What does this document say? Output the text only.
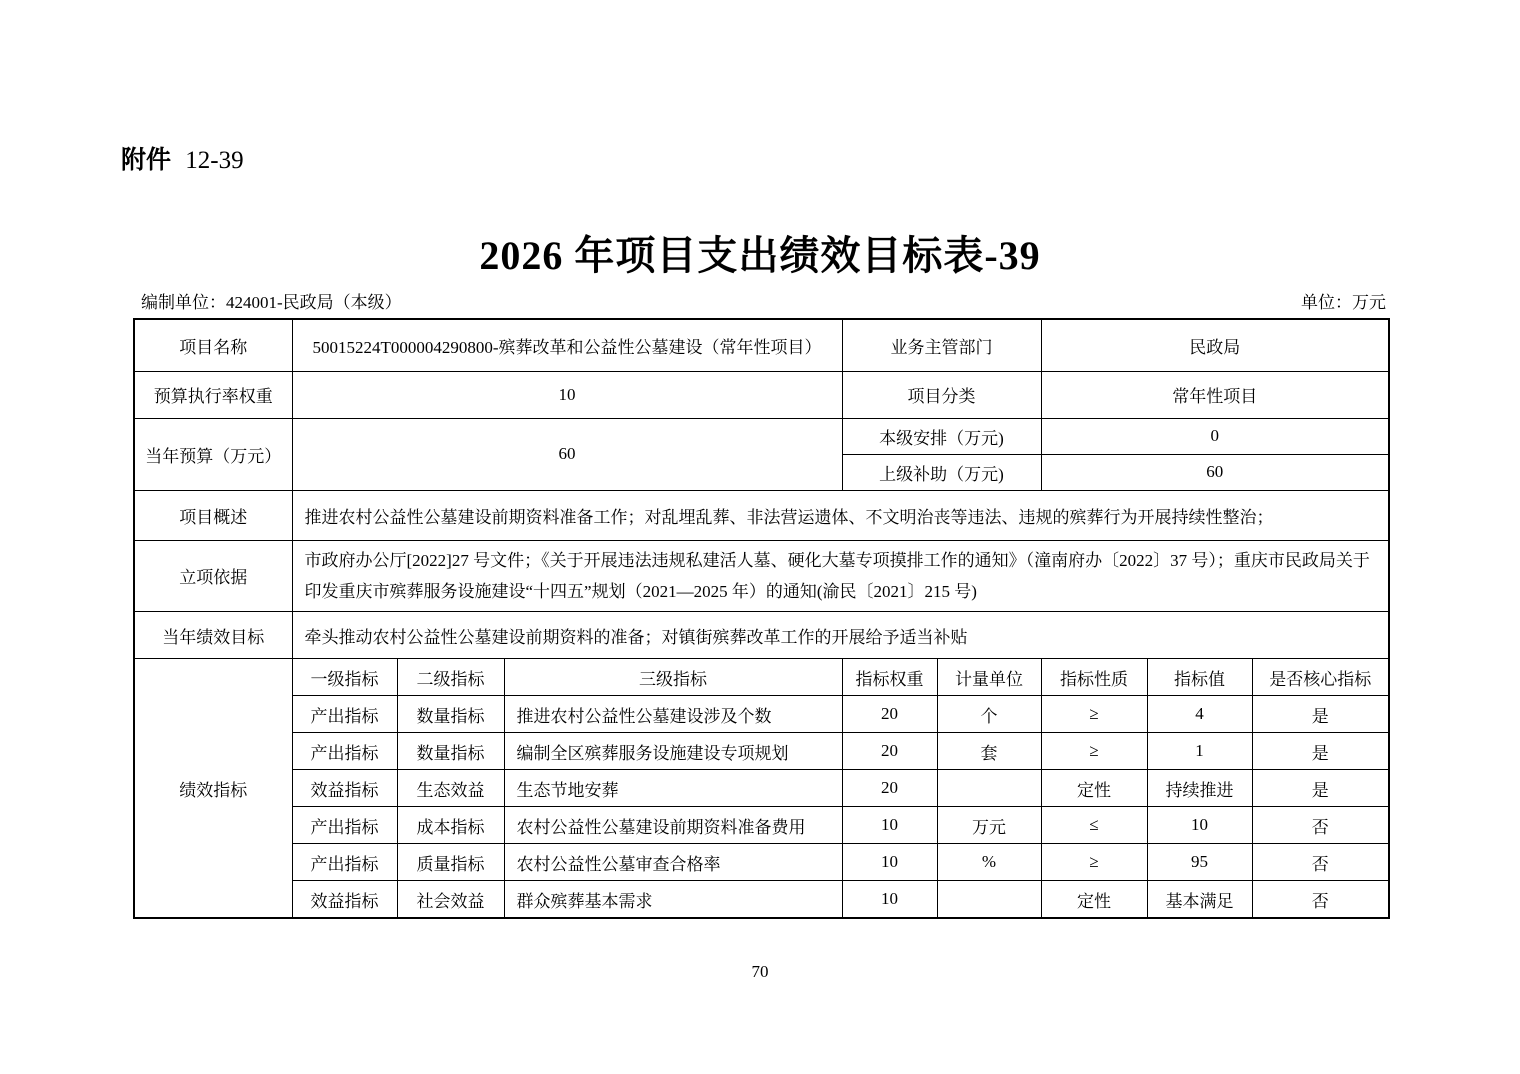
附件 12-39
2026 年项目支出绩效目标表-39
编制单位：424001-民政局（本级）	单位：万元
项目名称	50015224T000004290800-殡葬改革和公益性公墓建设（常年性项目）			业务主管部门		民政局		
预算执行率权重	10			项目分类		常年性项目		
当年预算（万元）	60			本级安排（万元)		0		
				上级补助（万元)		60		
项目概述	推进农村公益性公墓建设前期资料准备工作；对乱埋乱葬、非法营运遗体、不文明治丧等违法、违规的殡葬行为开展持续性整治；							
立项依据	市政府办公厅[2022]27 号文件；《关于开展违法违规私建活人墓、硬化大墓专项摸排工作的通知》（潼南府办〔2022〕37 号）；重庆市民政局关于印发重庆市殡葬服务设施建设“十四五”规划（2021—2025 年）的通知(渝民〔2021〕215 号)							
当年绩效目标	牵头推动农村公益性公墓建设前期资料的准备；对镇街殡葬改革工作的开展给予适当补贴							
绩效指标	一级指标	二级指标	三级指标	指标权重	计量单位	指标性质	指标值	是否核心指标
	产出指标	数量指标	推进农村公益性公墓建设涉及个数	20	个	≥	4	是
	产出指标	数量指标	编制全区殡葬服务设施建设专项规划	20	套	≥	1	是
	效益指标	生态效益	生态节地安葬	20		定性	持续推进	是
	产出指标	成本指标	农村公益性公墓建设前期资料准备费用	10	万元	≤	10	否
	产出指标	质量指标	农村公益性公墓审查合格率	10	%	≥	95	否
	效益指标	社会效益	群众殡葬基本需求	10		定性	基本满足	否
70
